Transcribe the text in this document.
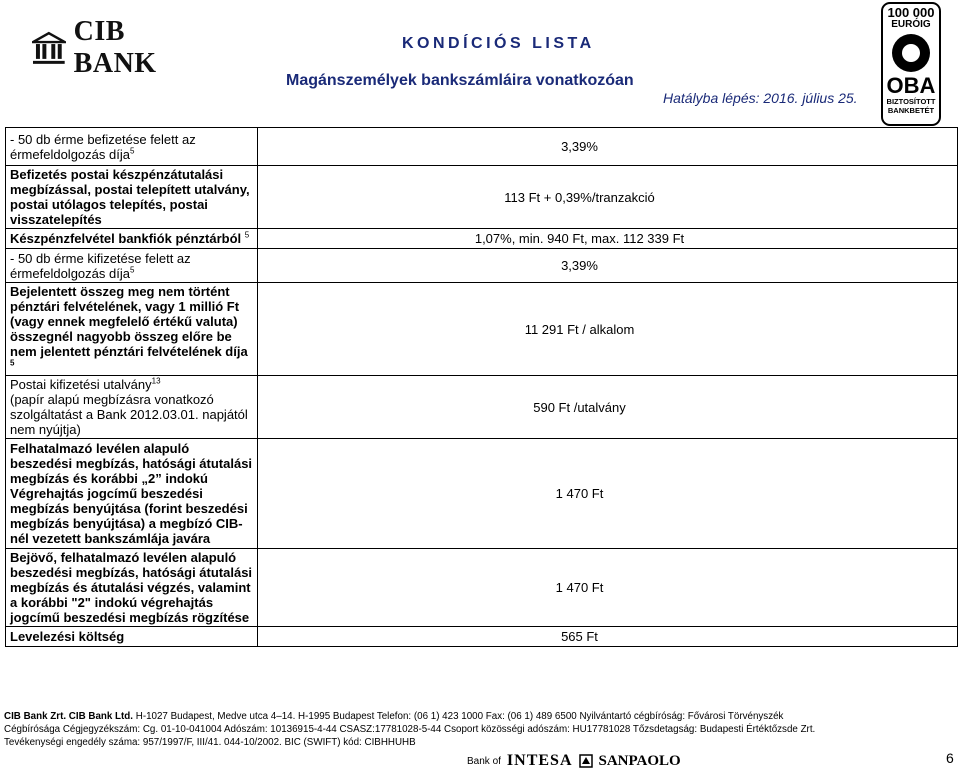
CIB BANK
KONDÍCIÓS LISTA
Magánszemélyek bankszámláira vonatkozóan
Hatályba lépés: 2016. július 25.
100 000
EURÓIG
OBA
BIZTOSÍTOTT
BANKBETÉT
- 50 db érme befizetése felett az érmefeldolgozás díja$^5$	3,39%
Befizetés postai készpénzátutalási megbízással, postai telepített utalvány, postai utólagos telepítés, postai visszatelepítés	113 Ft + 0,39%/tranzakció
Készpénzfelvétel bankfiók pénztárból $^5$	1,07%, min. 940 Ft, max. 112 339 Ft
- 50 db érme kifizetése felett az érmefeldolgozás díja$^5$	3,39%
Bejelentett összeg meg nem történt pénztári felvételének, vagy 1 millió Ft (vagy ennek megfelelő értékű valuta) összegnél nagyobb összeg előre be nem jelentett pénztári felvételének díja $^5$	11 291 Ft / alkalom
Postai kifizetési utalvány$^{13}$
(papír alapú megbízásra vonatkozó szolgáltatást a Bank 2012.03.01. napjától nem nyújtja)	590 Ft /utalvány
Felhatalmazó levélen alapuló beszedési megbízás, hatósági átutalási megbízás és korábbi „2” indokú Végrehajtás jogcímű beszedési megbízás benyújtása (forint beszedési megbízás benyújtása) a megbízó CIB-nél vezetett bankszámlája javára	1 470 Ft
Bejövő, felhatalmazó levélen alapuló beszedési megbízás, hatósági átutalási megbízás és átutalási végzés, valamint a korábbi "2" indokú végrehajtás jogcímű beszedési megbízás rögzítése	1 470 Ft
Levelezési költség	565 Ft
CIB Bank Zrt. CIB Bank Ltd. H-1027 Budapest, Medve utca 4–14. H-1995 Budapest Telefon: (06 1) 423 1000 Fax: (06 1) 489 6500 Nyilvántartó cégbíróság: Fővárosi Törvényszék
Cégbírósága Cégjegyzékszám: Cg. 01-10-041004 Adószám: 10136915-4-44 CSASZ:17781028-5-44 Csoport közösségi adószám: HU17781028 Tőzsdetagság: Budapesti Értéktőzsde Zrt.
Tevékenységi engedély száma: 957/1997/F, III/41. 044-10/2002. BIC (SWIFT) kód: CIBHHUHB
Bank of INTESA SANPAOLO	6
